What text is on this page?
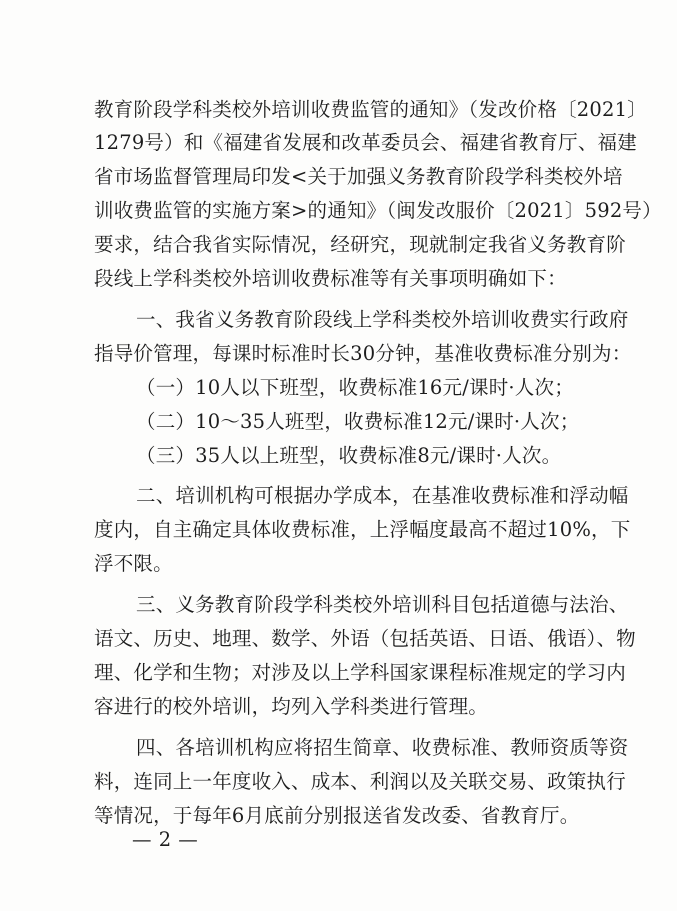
教育阶段学科类校外培训收费监管的通知》（发改价格〔2021〕
1279号）和《福建省发展和改革委员会、福建省教育厅、福建
省市场监督管理局印发<关于加强义务教育阶段学科类校外培
训收费监管的实施方案>的通知》（闽发改服价〔2021〕592号）
要求，结合我省实际情况，经研究，现就制定我省义务教育阶
段线上学科类校外培训收费标准等有关事项明确如下：
一、我省义务教育阶段线上学科类校外培训收费实行政府
指导价管理，每课时标准时长30分钟，基准收费标准分别为：
（一）10人以下班型，收费标准16元/课时·人次；
（二）10～35人班型，收费标准12元/课时·人次；
（三）35人以上班型，收费标准8元/课时·人次。
二、培训机构可根据办学成本，在基准收费标准和浮动幅
度内，自主确定具体收费标准，上浮幅度最高不超过10%，下
浮不限。
三、义务教育阶段学科类校外培训科目包括道德与法治、
语文、历史、地理、数学、外语（包括英语、日语、俄语）、物
理、化学和生物；对涉及以上学科国家课程标准规定的学习内
容进行的校外培训，均列入学科类进行管理。
四、各培训机构应将招生简章、收费标准、教师资质等资
料，连同上一年度收入、成本、利润以及关联交易、政策执行
等情况，于每年6月底前分别报送省发改委、省教育厅。
— 2 —
